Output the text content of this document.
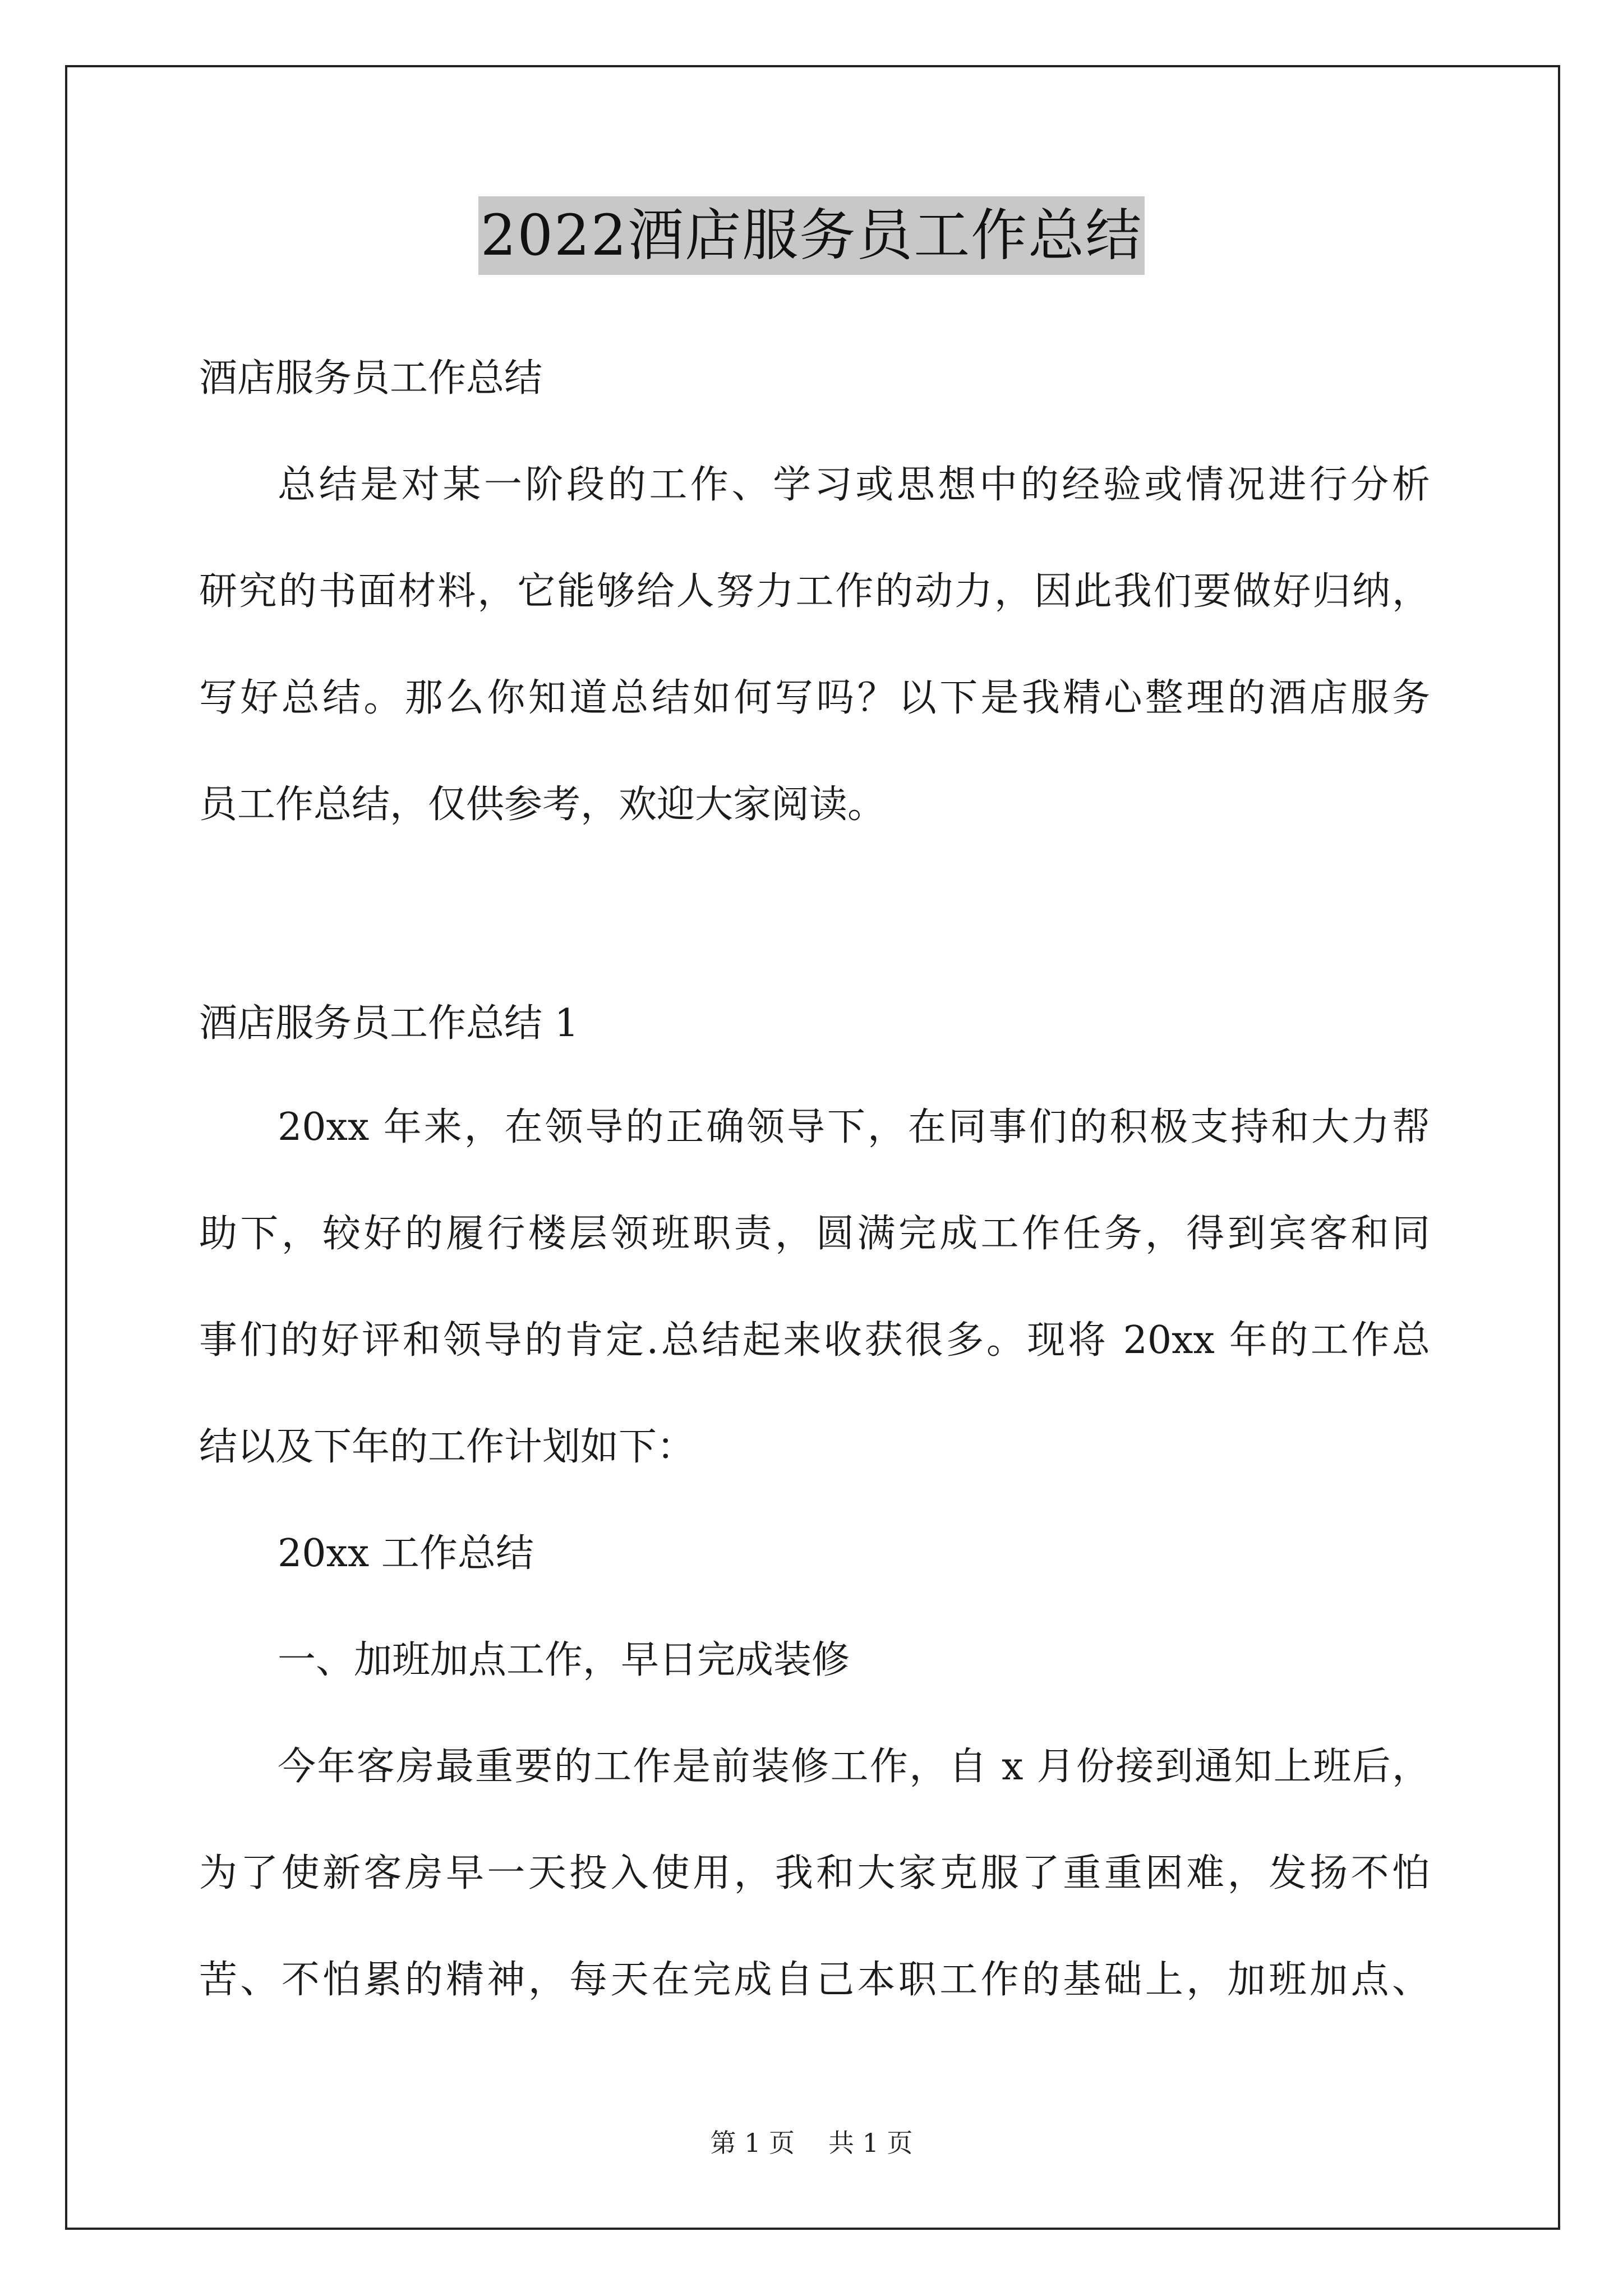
2022酒店服务员工作总结
酒店服务员工作总结
总结是对某一阶段的工作、学习或思想中的经验或情况进行分析
研究的书面材料，它能够给人努力工作的动力，因此我们要做好归纳，
写好总结。那么你知道总结如何写吗？以下是我精心整理的酒店服务
员工作总结，仅供参考，欢迎大家阅读。
酒店服务员工作总结 1
20xx 年来，在领导的正确领导下，在同事们的积极支持和大力帮
助下，较好的履行楼层领班职责，圆满完成工作任务，得到宾客和同
事们的好评和领导的肯定.总结起来收获很多。现将 20xx 年的工作总
结以及下年的工作计划如下：
20xx 工作总结
一、加班加点工作，早日完成装修
今年客房最重要的工作是前装修工作，自 x 月份接到通知上班后，
为了使新客房早一天投入使用，我和大家克服了重重困难，发扬不怕
苦、不怕累的精神，每天在完成自己本职工作的基础上，加班加点、
第 1 页 共 1 页
